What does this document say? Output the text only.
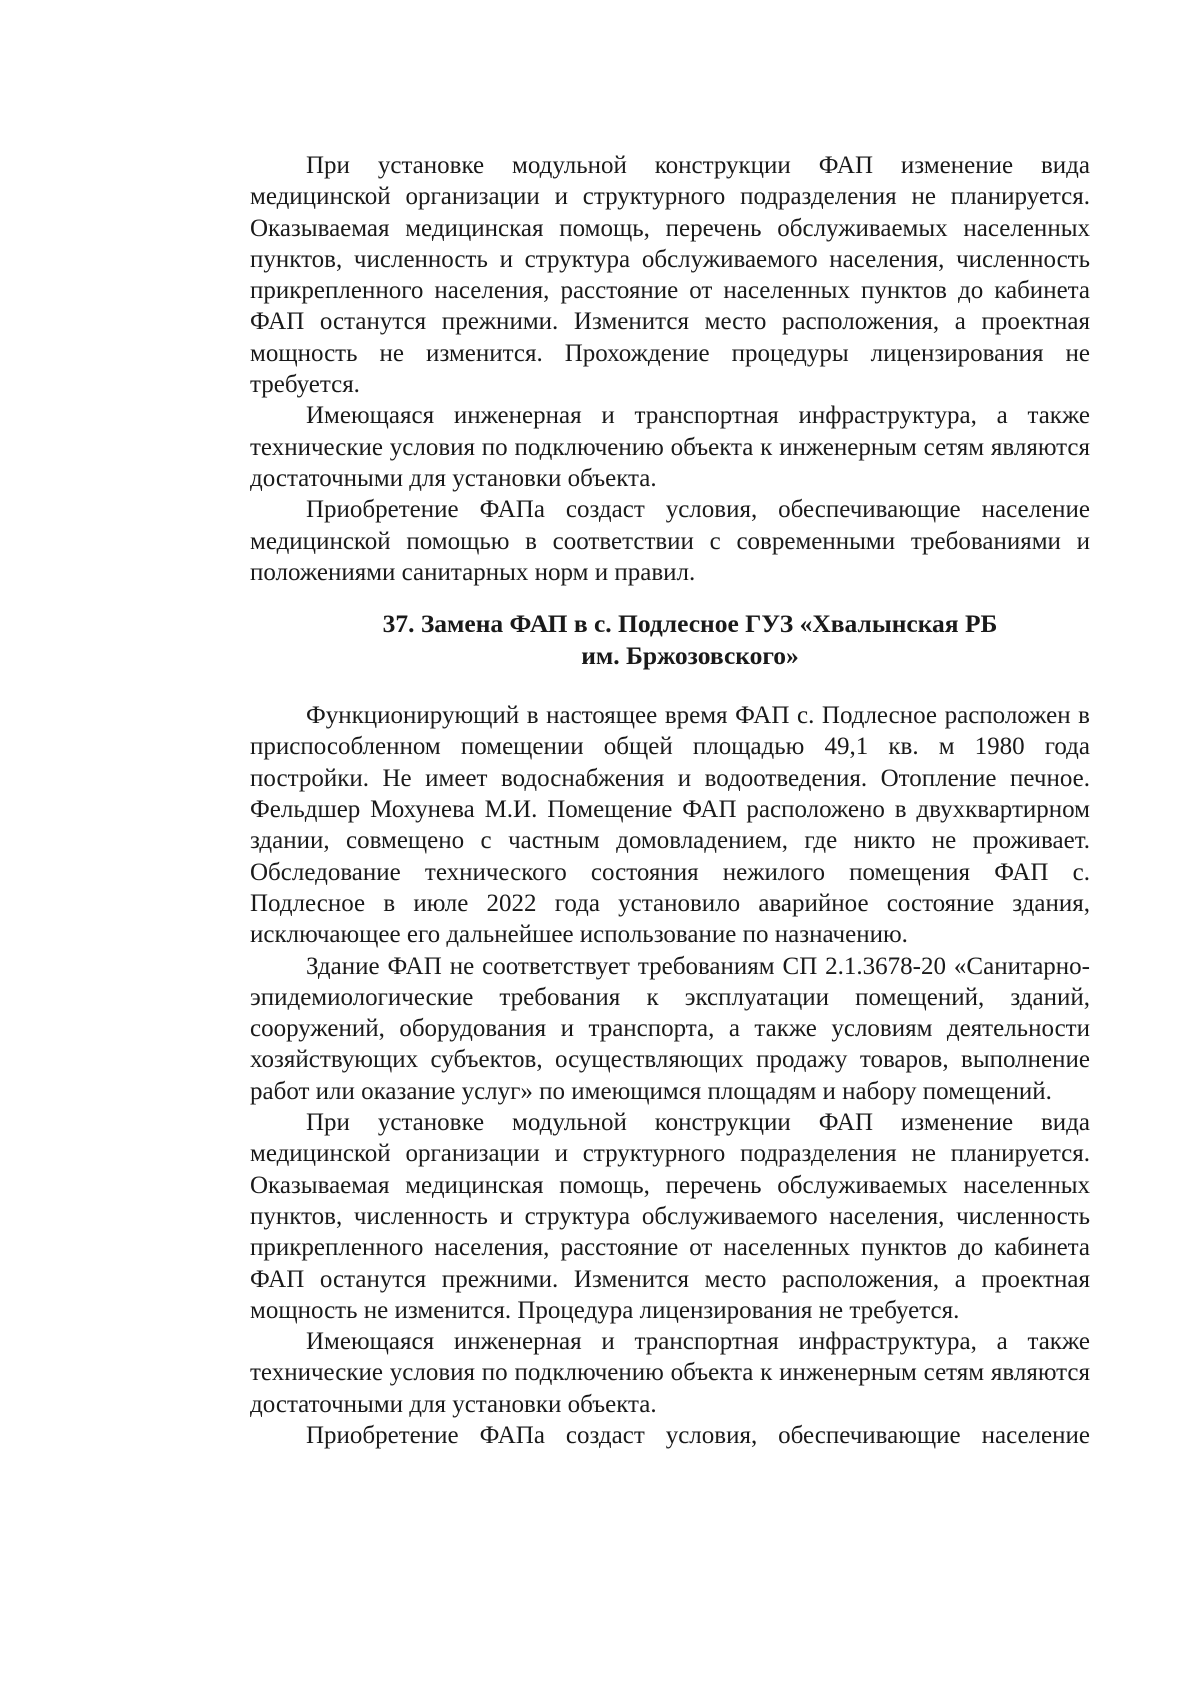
При установке модульной конструкции ФАП изменение вида медицинской организации и структурного подразделения не планируется. Оказываемая медицинская помощь, перечень обслуживаемых населенных пунктов, численность и структура обслуживаемого населения, численность прикрепленного населения, расстояние от населенных пунктов до кабинета ФАП останутся прежними. Изменится место расположения, а проектная мощность не изменится. Прохождение процедуры лицензирования не требуется.

Имеющаяся инженерная и транспортная инфраструктура, а также технические условия по подключению объекта к инженерным сетям являются достаточными для установки объекта.

Приобретение ФАПа создаст условия, обеспечивающие население медицинской помощью в соответствии с современными требованиями и положениями санитарных норм и правил.

37. Замена ФАП в с. Подлесное ГУЗ «Хвалынская РБ
им. Бржозовского»

Функционирующий в настоящее время ФАП с. Подлесное расположен в приспособленном помещении общей площадью 49,1 кв. м 1980 года постройки. Не имеет водоснабжения и водоотведения. Отопление печное. Фельдшер Мохунева М.И. Помещение ФАП расположено в двухквартирном здании, совмещено с частным домовладением, где никто не проживает. Обследование технического состояния нежилого помещения ФАП с. Подлесное в июле 2022 года установило аварийное состояние здания, исключающее его дальнейшее использование по назначению.

Здание ФАП не соответствует требованиям СП 2.1.3678-20 «Санитарно-эпидемиологические требования к эксплуатации помещений, зданий, сооружений, оборудования и транспорта, а также условиям деятельности хозяйствующих субъектов, осуществляющих продажу товаров, выполнение работ или оказание услуг» по имеющимся площадям и набору помещений.

При установке модульной конструкции ФАП изменение вида медицинской организации и структурного подразделения не планируется. Оказываемая медицинская помощь, перечень обслуживаемых населенных пунктов, численность и структура обслуживаемого населения, численность прикрепленного населения, расстояние от населенных пунктов до кабинета ФАП останутся прежними. Изменится место расположения, а проектная мощность не изменится. Процедура лицензирования не требуется.

Имеющаяся инженерная и транспортная инфраструктура, а также технические условия по подключению объекта к инженерным сетям являются достаточными для установки объекта.

Приобретение ФАПа создаст условия, обеспечивающие население
